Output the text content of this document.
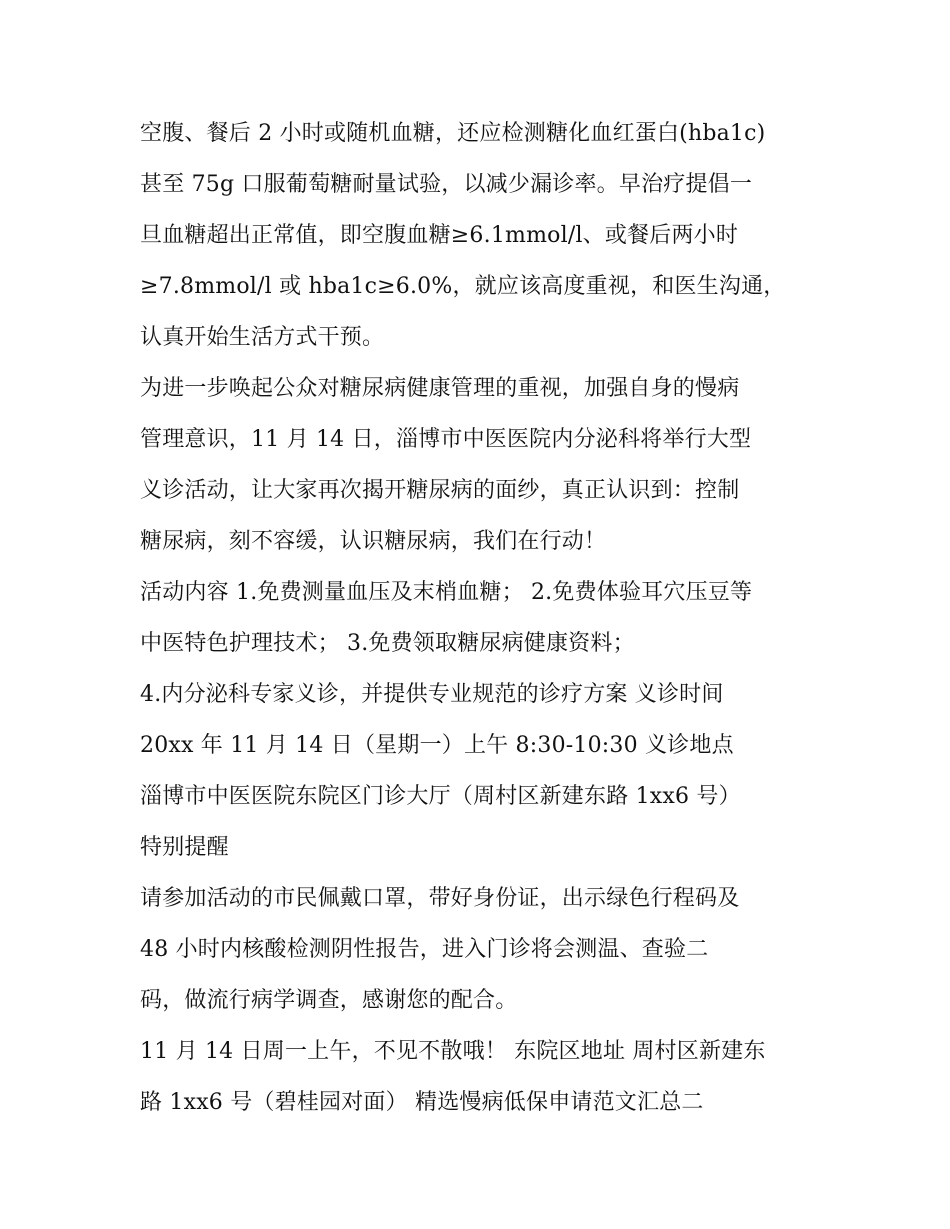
空腹、餐后 2 小时或随机血糖，还应检测糖化血红蛋白(hba1c)
甚至 75g 口服葡萄糖耐量试验，以减少漏诊率。早治疗提倡一
旦血糖超出正常值，即空腹血糖≥6.1mmol/l、或餐后两小时
≥7.8mmol/l 或 hba1c≥6.0%，就应该高度重视，和医生沟通，
认真开始生活方式干预。
为进一步唤起公众对糖尿病健康管理的重视，加强自身的慢病
管理意识，11 月 14 日，淄博市中医医院内分泌科将举行大型
义诊活动，让大家再次揭开糖尿病的面纱，真正认识到：控制
糖尿病，刻不容缓，认识糖尿病，我们在行动！
活动内容 1.免费测量血压及末梢血糖； 2.免费体验耳穴压豆等
中医特色护理技术； 3.免费领取糖尿病健康资料；
4.内分泌科专家义诊，并提供专业规范的诊疗方案 义诊时间
20xx 年 11 月 14 日（星期一）上午 8:30-10:30 义诊地点
淄博市中医医院东院区门诊大厅（周村区新建东路 1xx6 号）
特别提醒
请参加活动的市民佩戴口罩，带好身份证，出示绿色行程码及
48 小时内核酸检测阴性报告，进入门诊将会测温、查验二
码，做流行病学调查，感谢您的配合。
11 月 14 日周一上午，不见不散哦！ 东院区地址 周村区新建东
路 1xx6 号（碧桂园对面） 精选慢病低保申请范文汇总二
